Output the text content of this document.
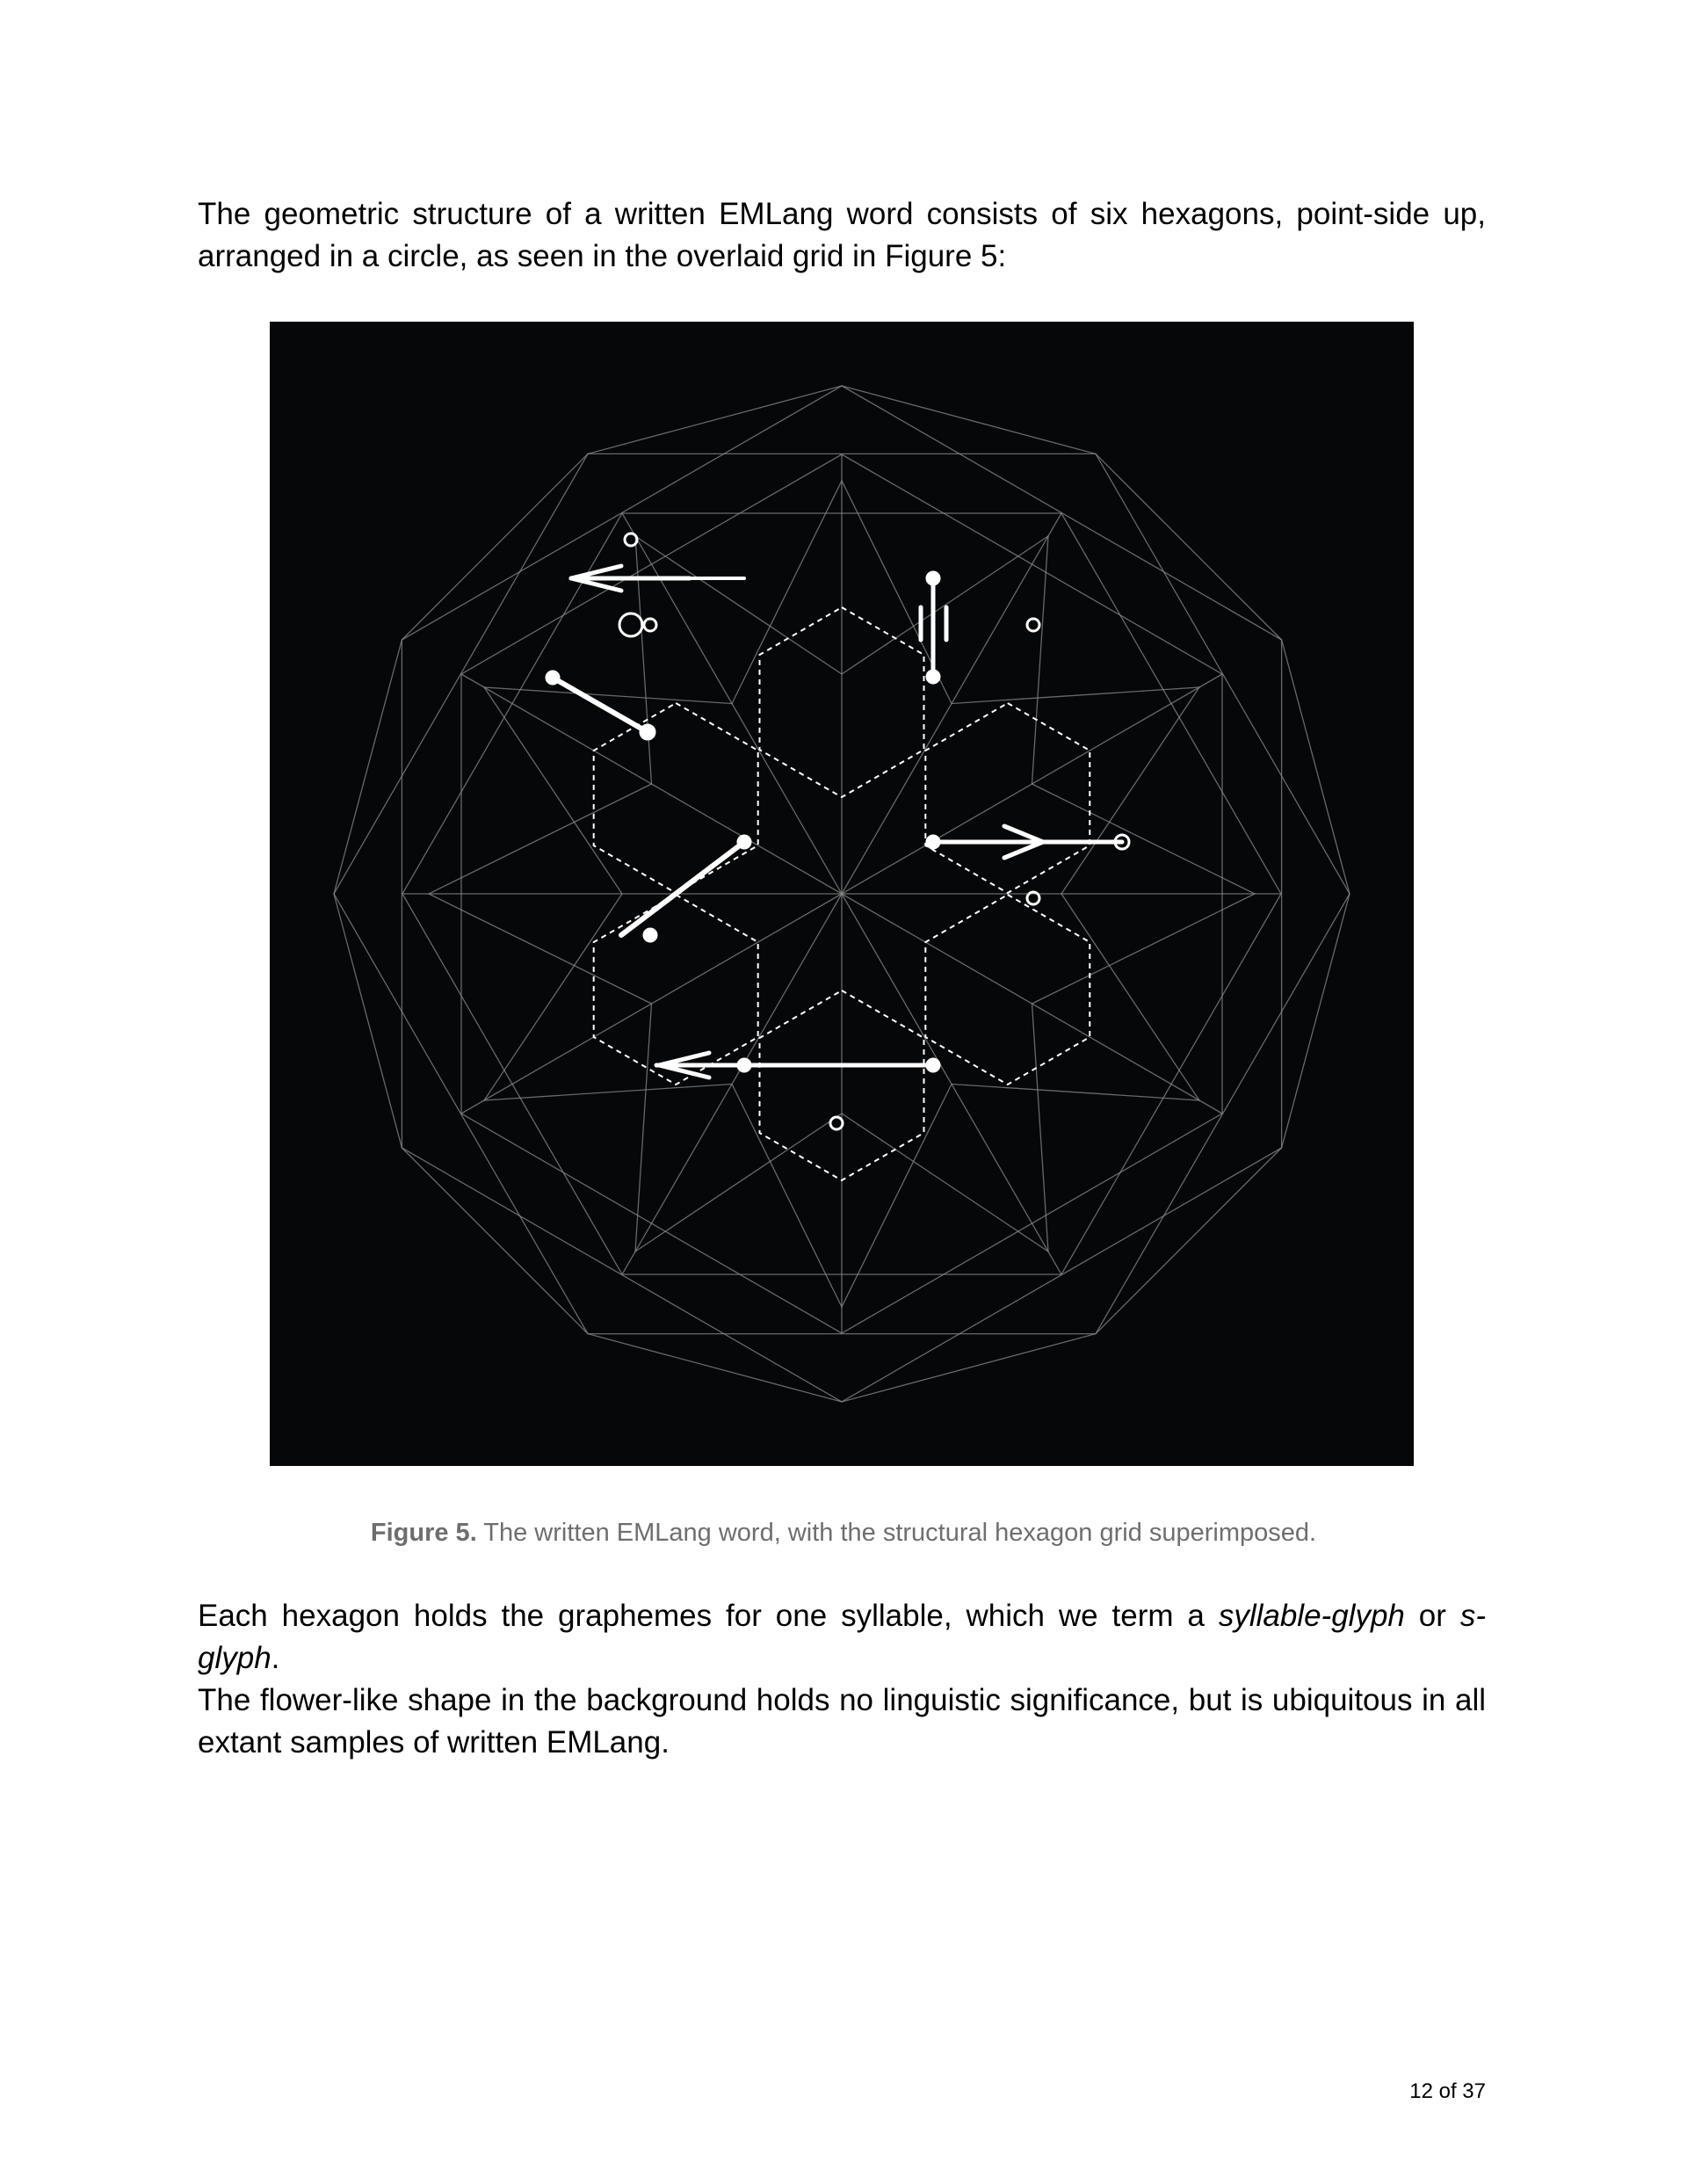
The geometric structure of a written EMLang word consists of six hexagons, point-side up,
arranged in a circle, as seen in the overlaid grid in Figure 5:

Figure 5. The written EMLang word, with the structural hexagon grid superimposed.

Each hexagon holds the graphemes for one syllable, which we term a syllable-glyph or s-glyph.
The flower-like shape in the background holds no linguistic significance, but is ubiquitous in all
extant samples of written EMLang.

12 of 37
